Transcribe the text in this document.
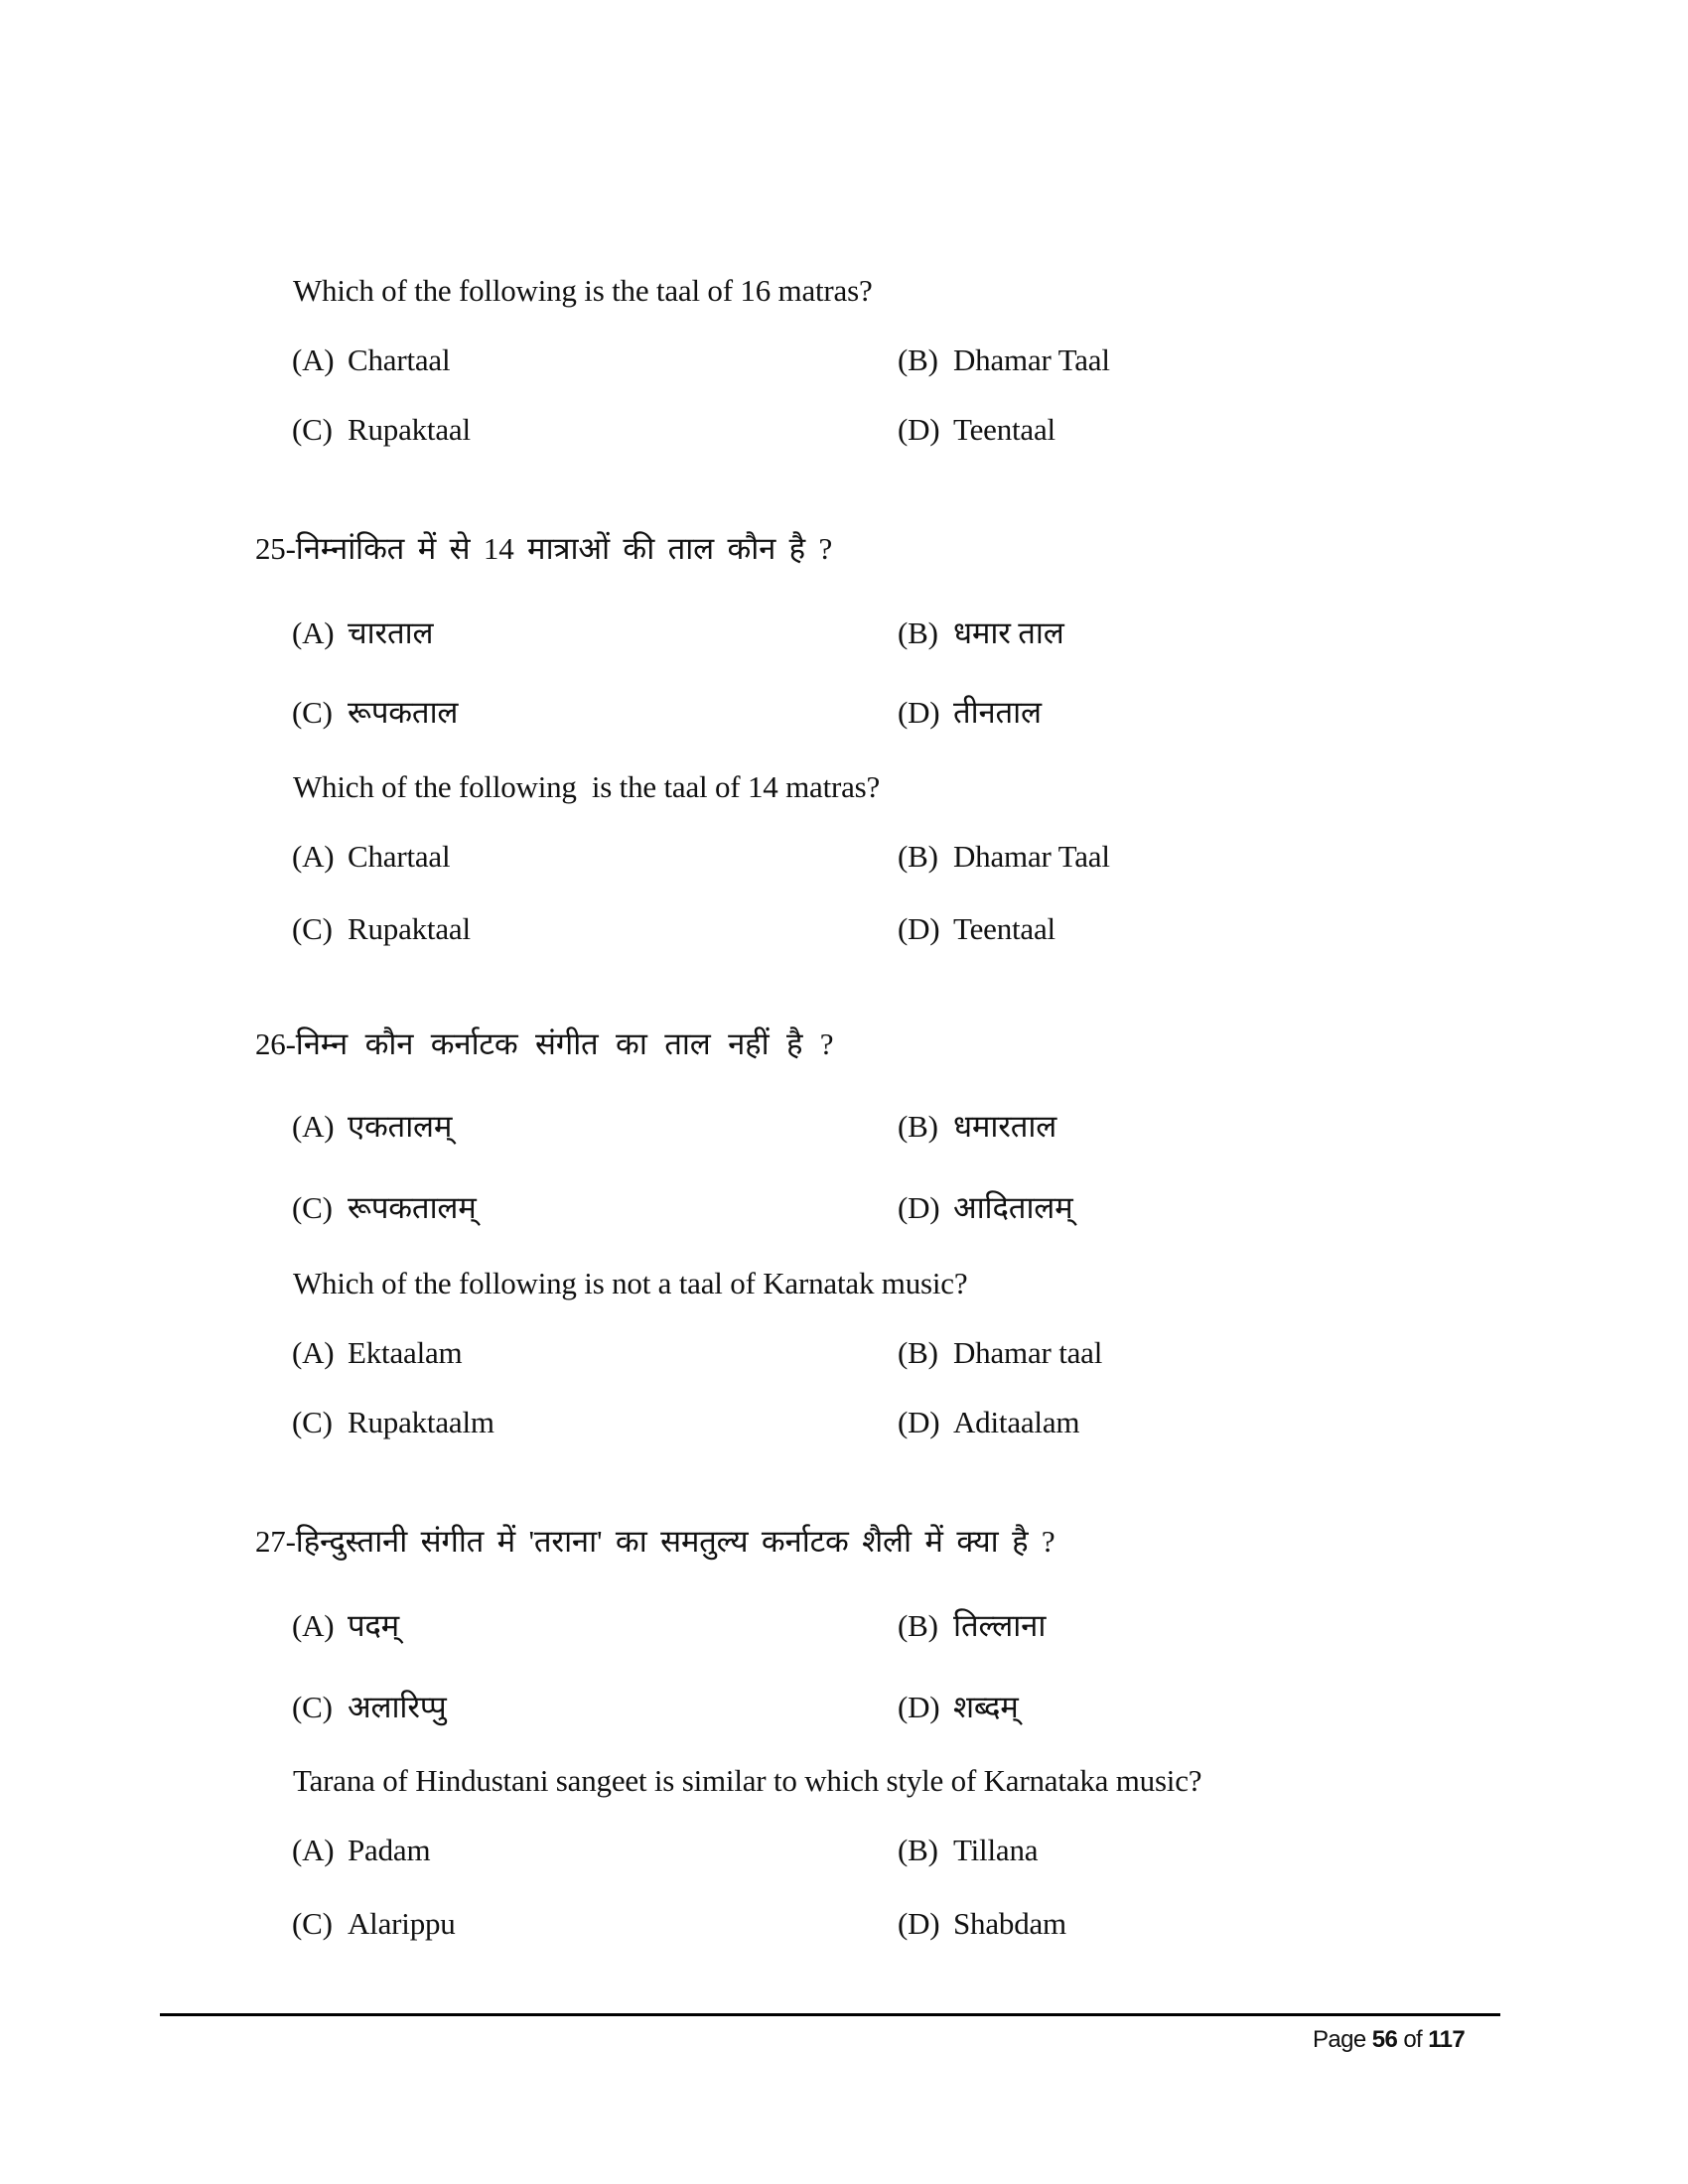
Which of the following is the taal of 16 matras?
(A) Chartaal	(B) Dhamar Taal
(C) Rupaktaal	(D) Teentaal
25-निम्नांकित में से 14 मात्राओं की ताल कौन है ?
(A) चारताल	(B) धमार ताल
(C) रूपकताल	(D) तीनताल
Which of the following  is the taal of 14 matras?
(A) Chartaal	(B) Dhamar Taal
(C) Rupaktaal	(D) Teentaal
26-निम्न कौन कर्नाटक संगीत का ताल नहीं है ?
(A) एकतालम्	(B) धमारताल
(C) रूपकतालम्	(D) आदितालम्
Which of the following is not a taal of Karnatak music?
(A) Ektaalam	(B) Dhamar taal
(C) Rupaktaalm	(D) Aditaalam
27-हिन्दुस्तानी संगीत में 'तराना' का समतुल्य कर्नाटक शैली में क्या है ?
(A) पदम्	(B) तिल्लाना
(C) अलारिप्पु	(D) शब्दम्
Tarana of Hindustani sangeet is similar to which style of Karnataka music?
(A) Padam	(B) Tillana
(C) Alarippu	(D) Shabdam
Page 56 of 117
